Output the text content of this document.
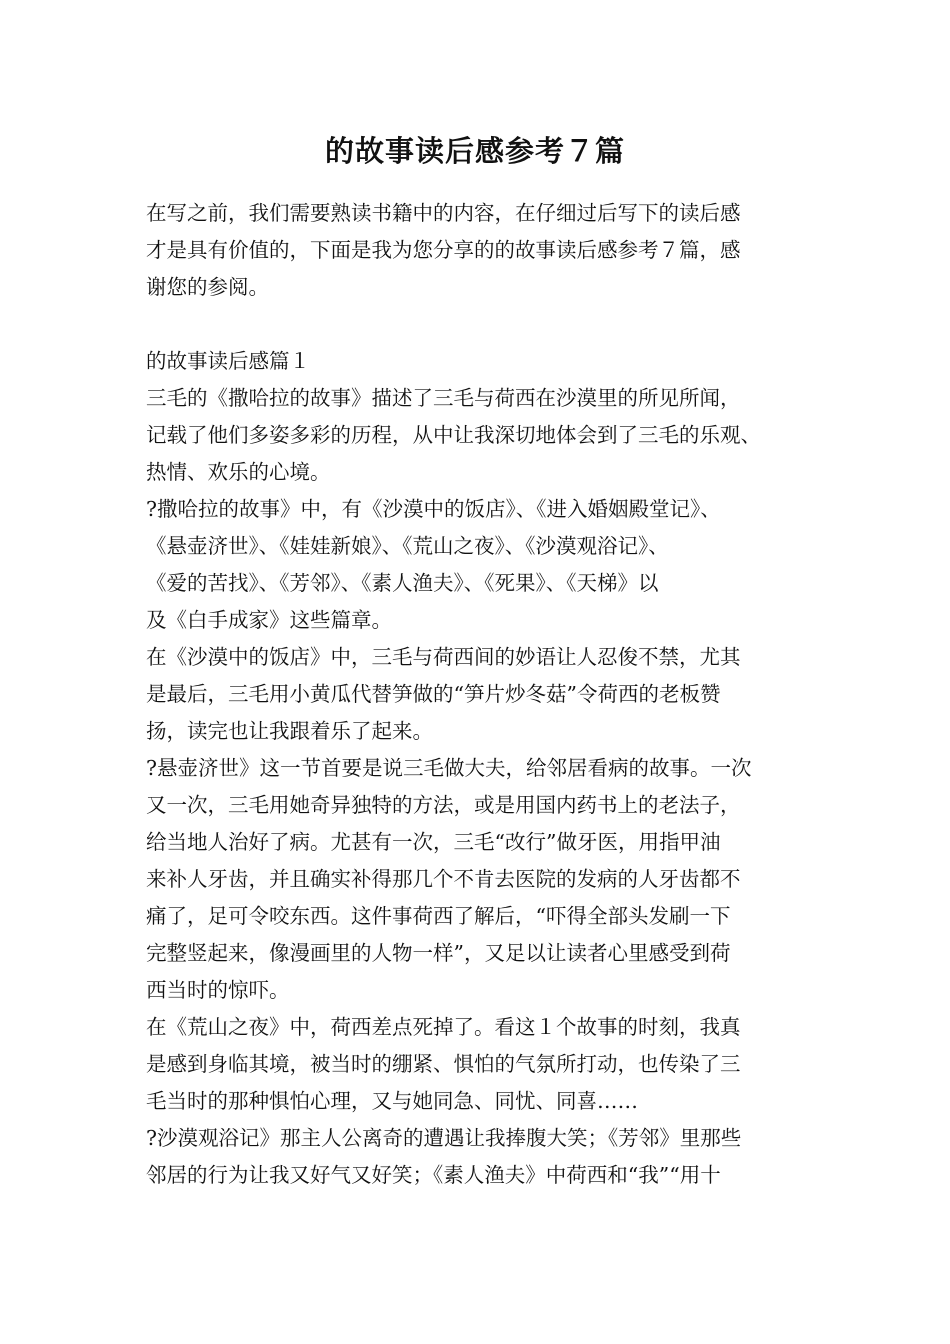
的故事读后感参考７篇
在写之前，我们需要熟读书籍中的内容，在仔细过后写下的读后感
才是具有价值的，下面是我为您分享的的故事读后感参考７篇，感
谢您的参阅。
的故事读后感篇１
三毛的《撒哈拉的故事》描述了三毛与荷西在沙漠里的所见所闻，
记载了他们多姿多彩的历程，从中让我深切地体会到了三毛的乐观、
热情、欢乐的心境。
?撒哈拉的故事》中，有《沙漠中的饭店》、《进入婚姻殿堂记》、
《悬壶济世》、《娃娃新娘》、《荒山之夜》、《沙漠观浴记》、
《爱的苦找》、《芳邻》、《素人渔夫》、《死果》、《天梯》以
及《白手成家》这些篇章。
在《沙漠中的饭店》中，三毛与荷西间的妙语让人忍俊不禁，尤其
是最后，三毛用小黄瓜代替笋做的“笋片炒冬菇”令荷西的老板赞
扬，读完也让我跟着乐了起来。
?悬壶济世》这一节首要是说三毛做大夫，给邻居看病的故事。一次
又一次，三毛用她奇异独特的方法，或是用国内药书上的老法子，
给当地人治好了病。尤甚有一次，三毛“改行”做牙医，用指甲油
来补人牙齿，并且确实补得那几个不肯去医院的发病的人牙齿都不
痛了，足可令咬东西。这件事荷西了解后，“吓得全部头发刷一下
完整竖起来，像漫画里的人物一样”，又足以让读者心里感受到荷
西当时的惊吓。
在《荒山之夜》中，荷西差点死掉了。看这１个故事的时刻，我真
是感到身临其境，被当时的绷紧、惧怕的气氛所打动，也传染了三
毛当时的那种惧怕心理，又与她同急、同忧、同喜……
?沙漠观浴记》那主人公离奇的遭遇让我捧腹大笑；《芳邻》里那些
邻居的行为让我又好气又好笑；《素人渔夫》中荷西和“我”“用十
